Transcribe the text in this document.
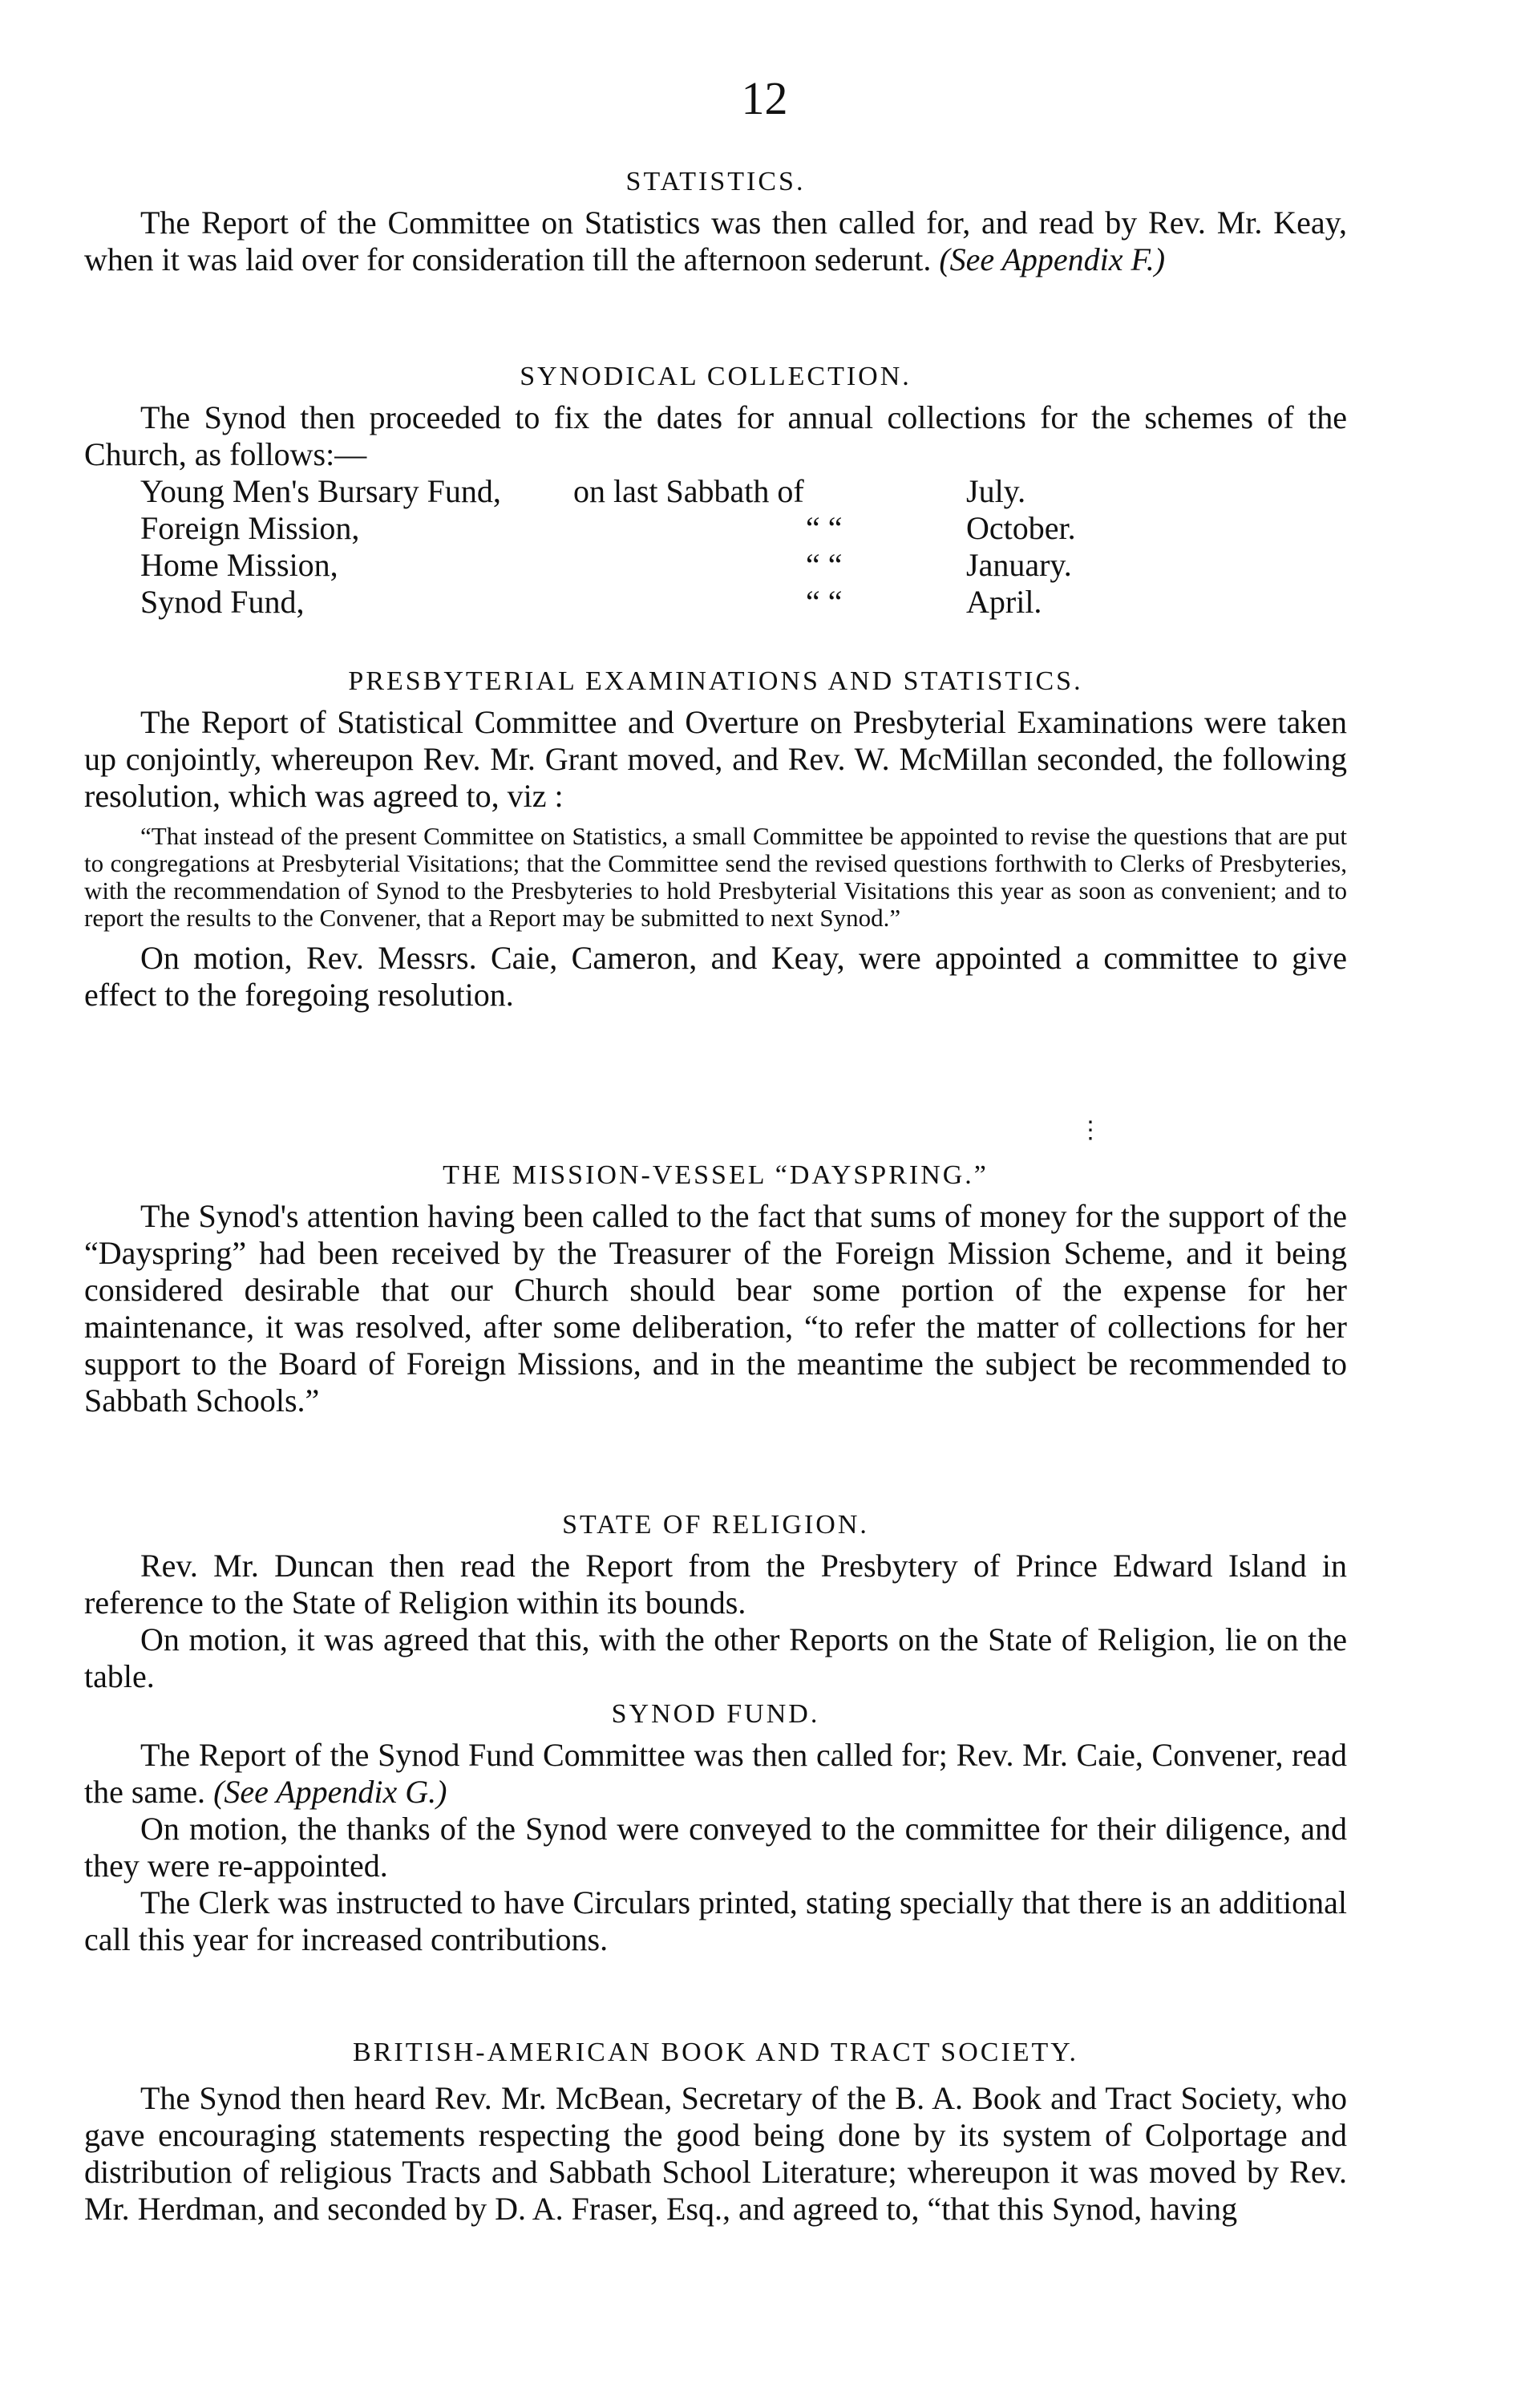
12
STATISTICS.

The Report of the Committee on Statistics was then called for, and read by Rev. Mr. Keay, when it was laid over for consideration till the afternoon sederunt. (See Appendix F.)

SYNODICAL COLLECTION.

The Synod then proceeded to fix the dates for annual collections for the schemes of the Church, as follows:—

Young Men's Bursary Fund,	on last Sabbath of	July.
Foreign Mission,	“ “	October.
Home Mission,	“ “	January.
Synod Fund,	“ “	April.
PRESBYTERIAL EXAMINATIONS AND STATISTICS.

The Report of Statistical Committee and Overture on Presbyterial Examinations were taken up conjointly, whereupon Rev. Mr. Grant moved, and Rev. W. McMillan seconded, the following resolution, which was agreed to, viz :

“That instead of the present Committee on Statistics, a small Committee be appointed to revise the questions that are put to congregations at Presbyterial Visitations; that the Committee send the revised questions forthwith to Clerks of Presbyteries, with the recommendation of Synod to the Presbyteries to hold Presbyterial Visitations this year as soon as convenient; and to report the results to the Convener, that a Report may be submitted to next Synod.”

On motion, Rev. Messrs. Caie, Cameron, and Keay, were appointed a committee to give effect to the foregoing resolution.

⋮
THE MISSION-VESSEL “DAYSPRING.”

The Synod's attention having been called to the fact that sums of money for the support of the “Dayspring” had been received by the Treasurer of the Foreign Mission Scheme, and it being considered desirable that our Church should bear some portion of the expense for her maintenance, it was resolved, after some deliberation, “to refer the matter of collections for her support to the Board of Foreign Missions, and in the meantime the subject be recommended to Sabbath Schools.”

STATE OF RELIGION.

Rev. Mr. Duncan then read the Report from the Presbytery of Prince Edward Island in reference to the State of Religion within its bounds.

On motion, it was agreed that this, with the other Reports on the State of Religion, lie on the table.

SYNOD FUND.

The Report of the Synod Fund Committee was then called for; Rev. Mr. Caie, Convener, read the same. (See Appendix G.)

On motion, the thanks of the Synod were conveyed to the committee for their diligence, and they were re-appointed.

The Clerk was instructed to have Circulars printed, stating specially that there is an additional call this year for increased contributions.

BRITISH-AMERICAN BOOK AND TRACT SOCIETY.

The Synod then heard Rev. Mr. McBean, Secretary of the B. A. Book and Tract Society, who gave encouraging statements respecting the good being done by its system of Colportage and distribution of religious Tracts and Sabbath School Literature; whereupon it was moved by Rev. Mr. Herdman, and seconded by D. A. Fraser, Esq., and agreed to, “that this Synod, having
